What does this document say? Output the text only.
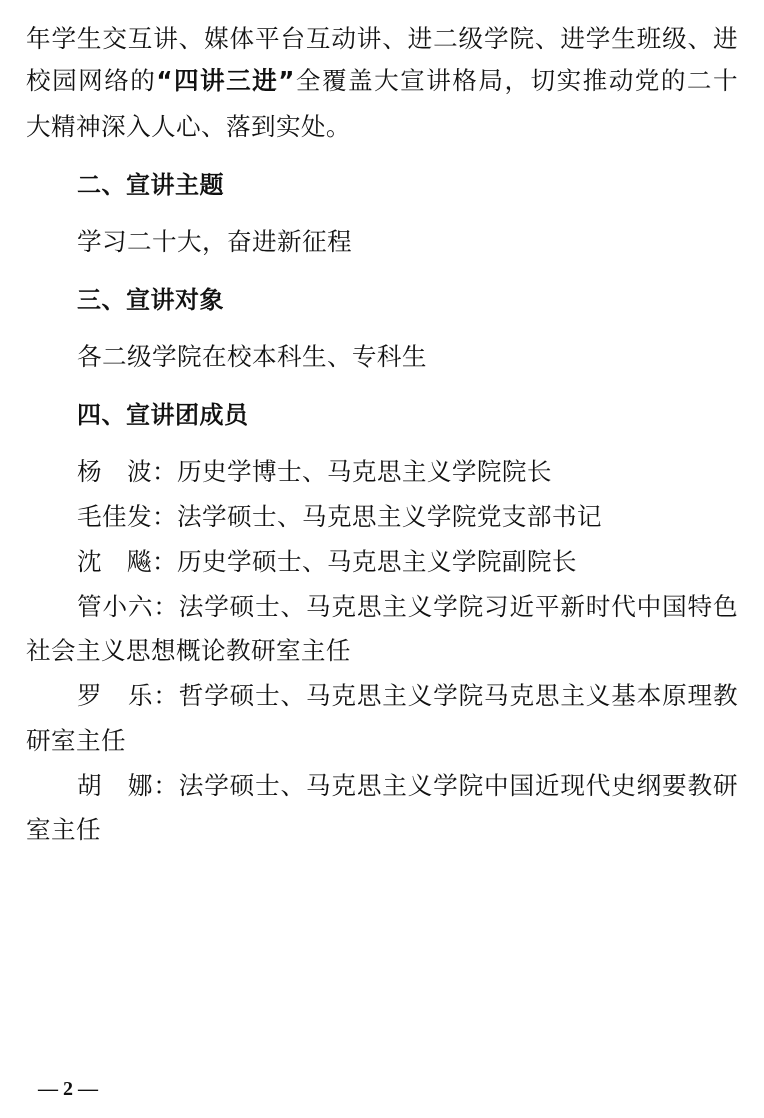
年学生交互讲、媒体平台互动讲、进二级学院、进学生班级、进
校园网络的“四讲三进”全覆盖大宣讲格局，切实推动党的二十
大精神深入人心、落到实处。
二、宣讲主题
学习二十大，奋进新征程
三、宣讲对象
各二级学院在校本科生、专科生
四、宣讲团成员
杨　波：历史学博士、马克思主义学院院长
毛佳发：法学硕士、马克思主义学院党支部书记
沈　飚：历史学硕士、马克思主义学院副院长
管小六：法学硕士、马克思主义学院习近平新时代中国特色
社会主义思想概论教研室主任
罗　乐：哲学硕士、马克思主义学院马克思主义基本原理教
研室主任
胡　娜：法学硕士、马克思主义学院中国近现代史纲要教研
室主任
— 2 —
